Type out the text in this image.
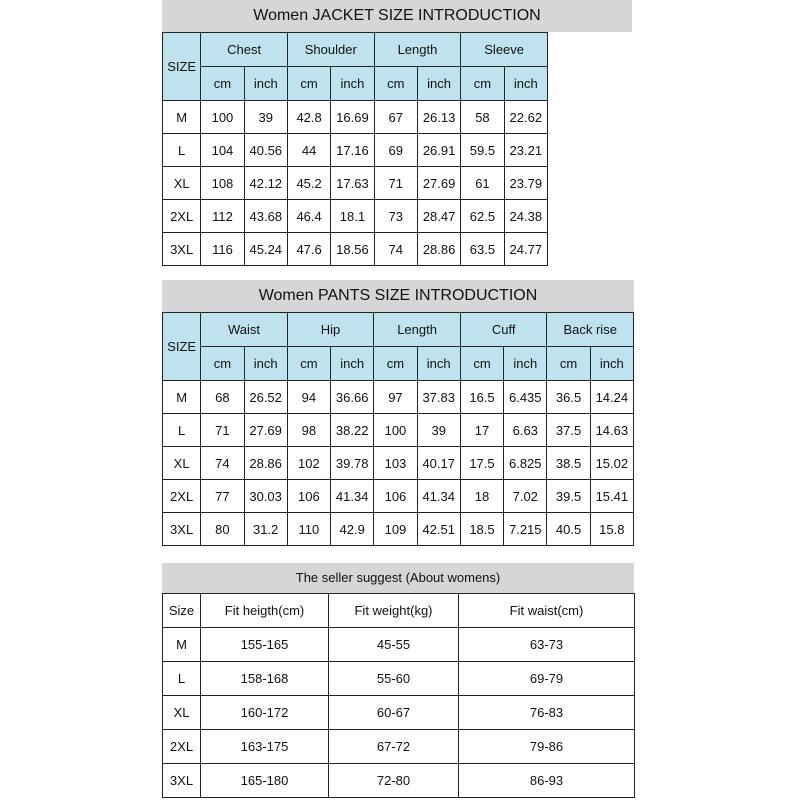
Women JACKET SIZE INTRODUCTION
SIZE	Chest		Shoulder		Length		Sleeve	
	cm	inch	cm	inch	cm	inch	cm	inch
M	100	39	42.8	16.69	67	26.13	58	22.62
L	104	40.56	44	17.16	69	26.91	59.5	23.21
XL	108	42.12	45.2	17.63	71	27.69	61	23.79
2XL	112	43.68	46.4	18.1	73	28.47	62.5	24.38
3XL	116	45.24	47.6	18.56	74	28.86	63.5	24.77
Women PANTS SIZE INTRODUCTION
SIZE	Waist		Hip		Length		Cuff		Back rise	
	cm	inch	cm	inch	cm	inch	cm	inch	cm	inch
M	68	26.52	94	36.66	97	37.83	16.5	6.435	36.5	14.24
L	71	27.69	98	38.22	100	39	17	6.63	37.5	14.63
XL	74	28.86	102	39.78	103	40.17	17.5	6.825	38.5	15.02
2XL	77	30.03	106	41.34	106	41.34	18	7.02	39.5	15.41
3XL	80	31.2	110	42.9	109	42.51	18.5	7.215	40.5	15.8
The seller suggest (About womens)
Size	Fit heigth(cm)	Fit weight(kg)	Fit waist(cm)
M	155-165	45-55	63-73
L	158-168	55-60	69-79
XL	160-172	60-67	76-83
2XL	163-175	67-72	79-86
3XL	165-180	72-80	86-93
